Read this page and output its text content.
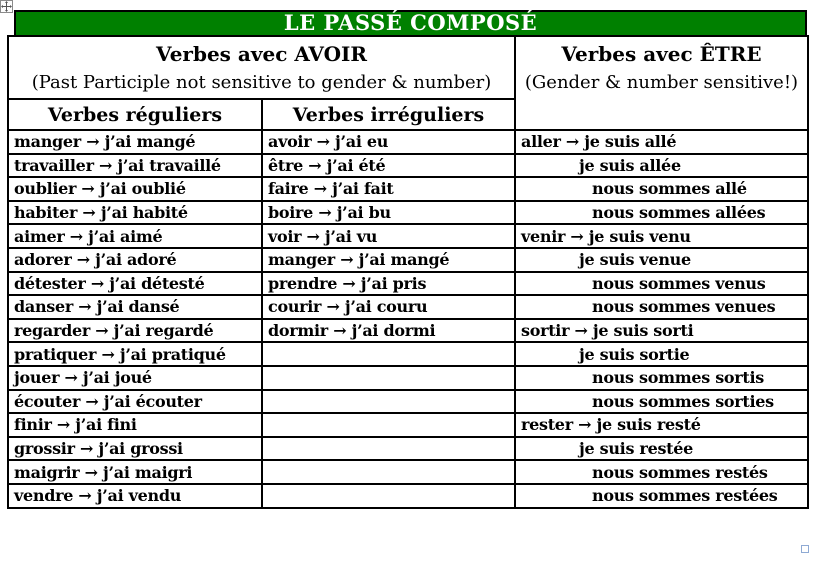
LE PASSÉ COMPOSÉ
Verbes avec AVOIR
(Past Participle not sensitive to gender & number)

Verbes avec ÊTRE
(Gender & number sensitive!)

Verbes réguliers	Verbes irréguliers	
manger → j’ai mangé	avoir → j’ai eu	aller → je suis allé
travailler → j’ai travaillé	être → j’ai été	je suis allée
oublier → j’ai oublié	faire → j’ai fait	nous sommes allé
habiter → j’ai habité	boire → j’ai bu	nous sommes allées
aimer → j’ai aimé	voir → j’ai vu	venir → je suis venu
adorer → j’ai adoré	manger → j’ai mangé	je suis venue
détester → j’ai détesté	prendre → j’ai pris	nous sommes venus
danser → j’ai dansé	courir → j’ai couru	nous sommes venues
regarder → j’ai regardé	dormir → j’ai dormi	sortir → je suis sorti
pratiquer → j’ai pratiqué		je suis sortie
jouer → j’ai joué		nous sommes sortis
écouter → j’ai écouter		nous sommes sorties
finir → j’ai fini		rester → je suis resté
grossir → j’ai grossi		je suis restée
maigrir → j’ai maigri		nous sommes restés
vendre → j’ai vendu		nous sommes restées
